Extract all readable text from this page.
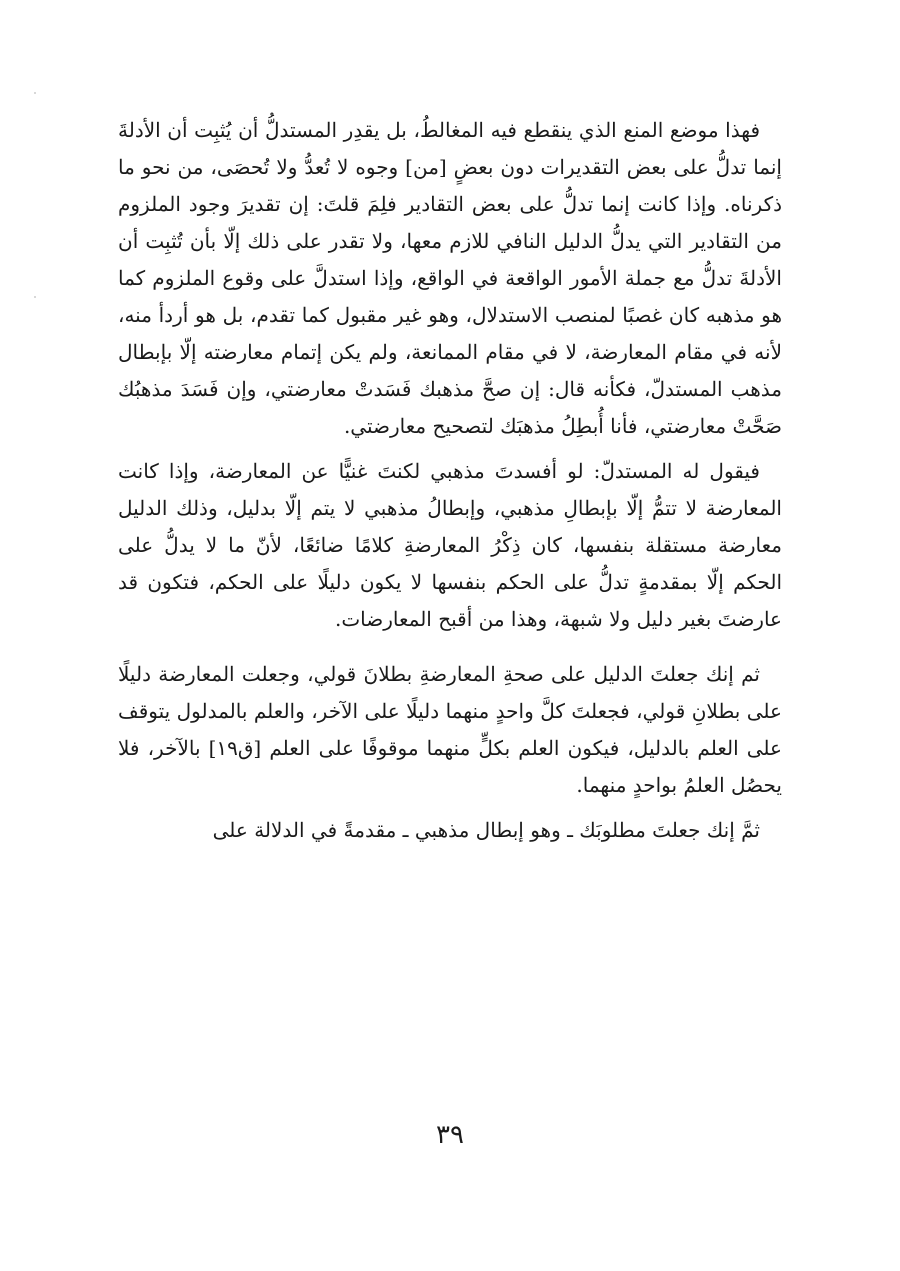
فهذا موضع المنع الذي ينقطع فيه المغالطُ، بل يقدِر المستدلُّ أن يُثبِت أن الأدلةَ إنما تدلُّ على بعض التقديرات دون بعضٍ [من] وجوه لا تُعدُّ ولا تُحصَى، من نحو ما ذكرناه. وإذا كانت إنما تدلُّ على بعض التقادير فلِمَ قلتَ: إن تقديرَ وجود الملزوم من التقادير التي يدلُّ الدليل النافي للازم معها، ولا تقدر على ذلك إلّا بأن تُثبِت أن الأدلةَ تدلُّ مع جملة الأمور الواقعة في الواقع، وإذا استدلَّ على وقوع الملزوم كما هو مذهبه كان غصبًا لمنصب الاستدلال، وهو غير مقبول كما تقدم، بل هو أردأ منه، لأنه في مقام المعارضة، لا في مقام الممانعة، ولم يكن إتمام معارضته إلّا بإبطال مذهب المستدلّ، فكأنه قال: إن صحَّ مذهبك فَسَدتْ معارضتي، وإن فَسَدَ مذهبُك صَحَّتْ معارضتي، فأنا أُبطِلُ مذهبَك لتصحيح معارضتي.

فيقول له المستدلّ: لو أفسدتَ مذهبي لكنتَ غنيًّا عن المعارضة، وإذا كانت المعارضة لا تتمُّ إلّا بإبطالِ مذهبي، وإبطالُ مذهبي لا يتم إلّا بدليل، وذلك الدليل معارضة مستقلة بنفسها، كان ذِكْرُ المعارضةِ كلامًا ضائعًا، لأنّ ما لا يدلُّ على الحكم إلّا بمقدمةٍ تدلُّ على الحكم بنفسها لا يكون دليلًا على الحكم، فتكون قد عارضتَ بغير دليل ولا شبهة، وهذا من أقبح المعارضات.

ثم إنك جعلتَ الدليل على صحةِ المعارضةِ بطلانَ قولي، وجعلت المعارضة دليلًا على بطلانِ قولي، فجعلتَ كلَّ واحدٍ منهما دليلًا على الآخر، والعلم بالمدلول يتوقف على العلم بالدليل، فيكون العلم بكلٍّ منهما موقوفًا على العلم [ق١٩] بالآخر، فلا يحصُل العلمُ بواحدٍ منهما.

ثمَّ إنك جعلتَ مطلوبَك ـ وهو إبطال مذهبي ـ مقدمةً في الدلالة على

٣٩
